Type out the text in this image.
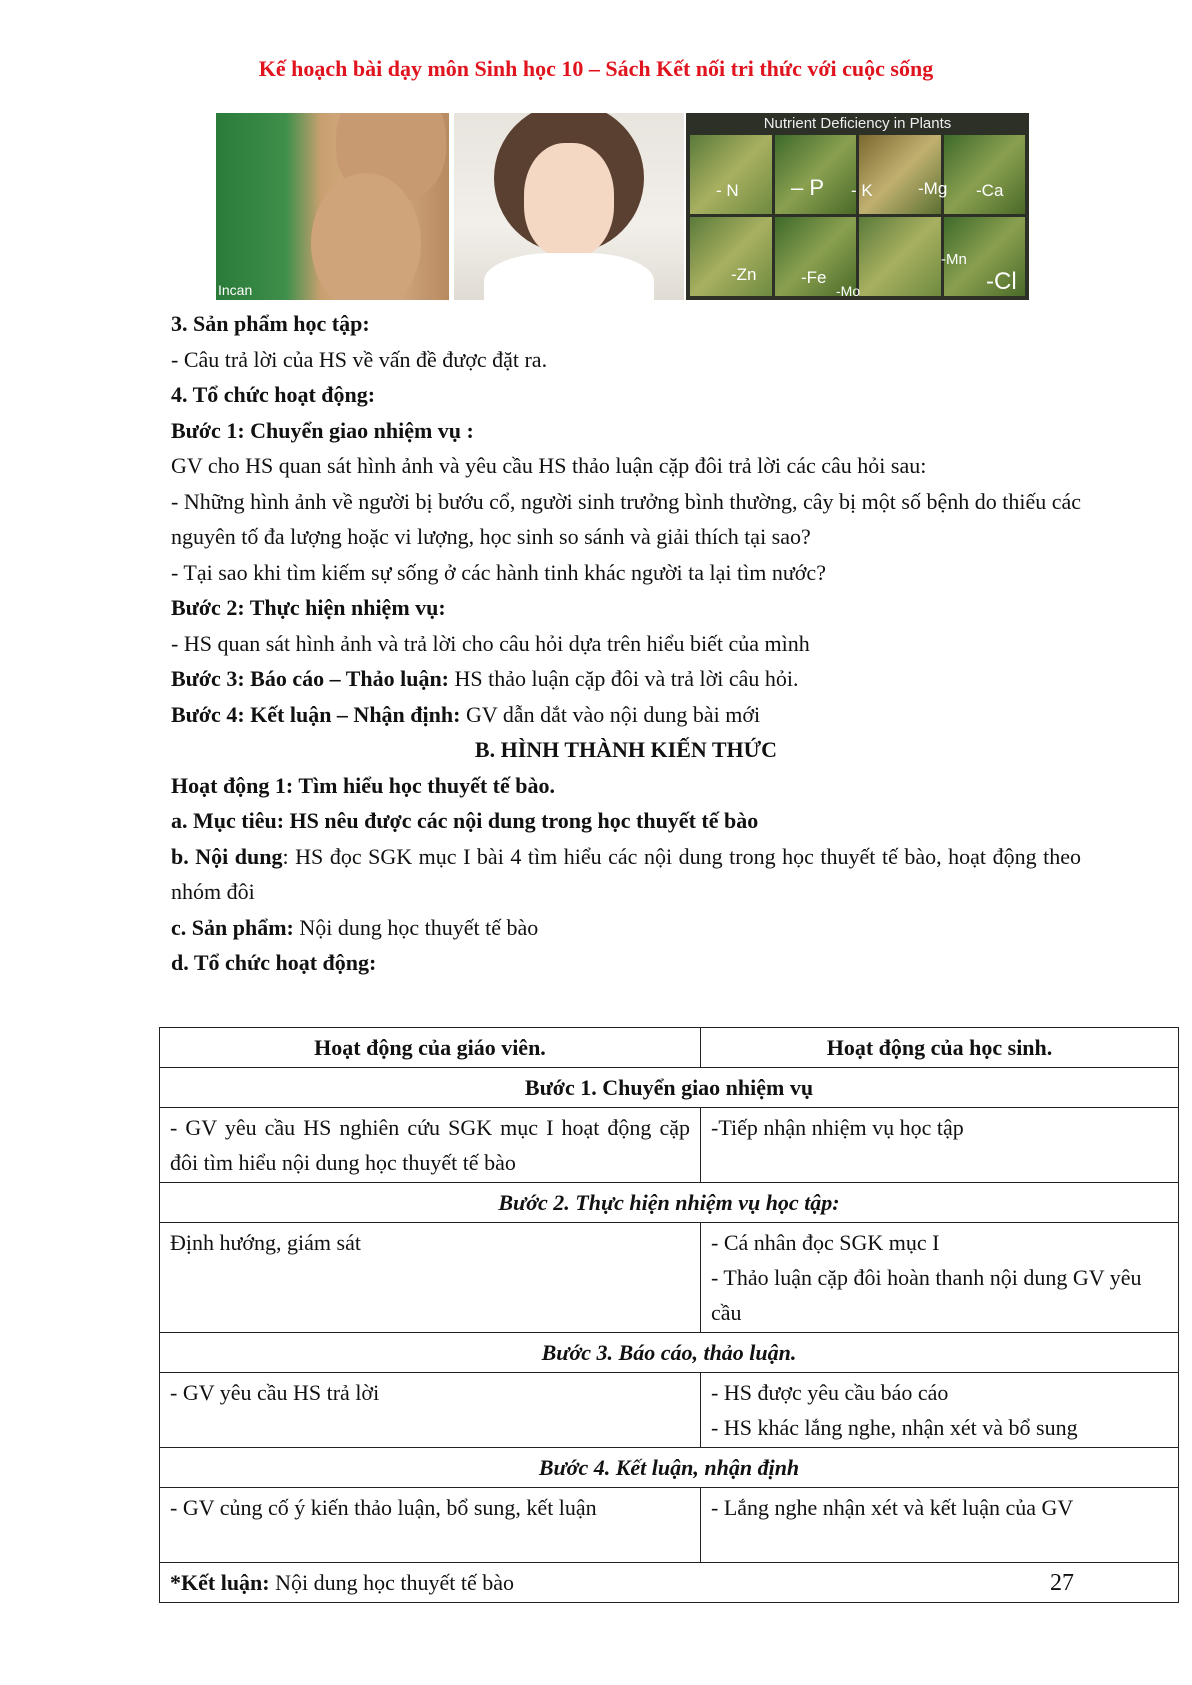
Kế hoạch bài dạy môn Sinh học 10 – Sách Kết nối tri thức với cuộc sống
Incan
Nutrient Deficiency in Plants
- N – P - K	-Mg -Ca
-Zn	-Fe
-Mo
-Mn
-Cl

3. Sản phẩm học tập:

- Câu trả lời của HS về vấn đề được đặt ra.

4. Tổ chức hoạt động:

Bước 1: Chuyển giao nhiệm vụ :

GV cho HS quan sát hình ảnh và yêu cầu HS thảo luận cặp đôi trả lời các câu hỏi sau:

- Những hình ảnh về người bị bướu cổ, người sinh trưởng bình thường, cây bị một số bệnh do thiếu các nguyên tố đa lượng hoặc vi lượng, học sinh so sánh và giải thích tại sao?

- Tại sao khi tìm kiếm sự sống ở các hành tinh khác người ta lại tìm nước?

Bước 2: Thực hiện nhiệm vụ:

- HS quan sát hình ảnh và trả lời cho câu hỏi dựa trên hiểu biết của mình

Bước 3: Báo cáo – Thảo luận: HS thảo luận cặp đôi và trả lời câu hỏi.

Bước 4: Kết luận – Nhận định: GV dẫn dắt vào nội dung bài mới

B. HÌNH THÀNH KIẾN THỨC

Hoạt động 1: Tìm hiểu học thuyết tế bào.

a. Mục tiêu: HS nêu được các nội dung trong học thuyết tế bào

b. Nội dung: HS đọc SGK mục I bài 4 tìm hiểu các nội dung trong học thuyết tế bào, hoạt động theo nhóm đôi

c. Sản phẩm: Nội dung học thuyết tế bào

d. Tổ chức hoạt động:

Hoạt động của giáo viên.	Hoạt động của học sinh.
Bước 1. Chuyển giao nhiệm vụ	
- GV yêu cầu HS nghiên cứu SGK mục I hoạt động cặp đôi tìm hiểu nội dung học thuyết tế bào	-Tiếp nhận nhiệm vụ học tập
Bước 2. Thực hiện nhiệm vụ học tập:	
Định hướng, giám sát	- Cá nhân đọc SGK mục I
- Thảo luận cặp đôi hoàn thanh nội dung GV yêu cầu

Bước 3. Báo cáo, thảo luận.	
- GV yêu cầu HS trả lời	- HS được yêu cầu báo cáo
- HS khác lắng nghe, nhận xét và bổ sung

Bước 4. Kết luận, nhận định	
- GV củng cố ý kiến thảo luận, bổ sung, kết luận	- Lắng nghe nhận xét và kết luận của GV
*Kết luận: Nội dung học thuyết tế bào		27
